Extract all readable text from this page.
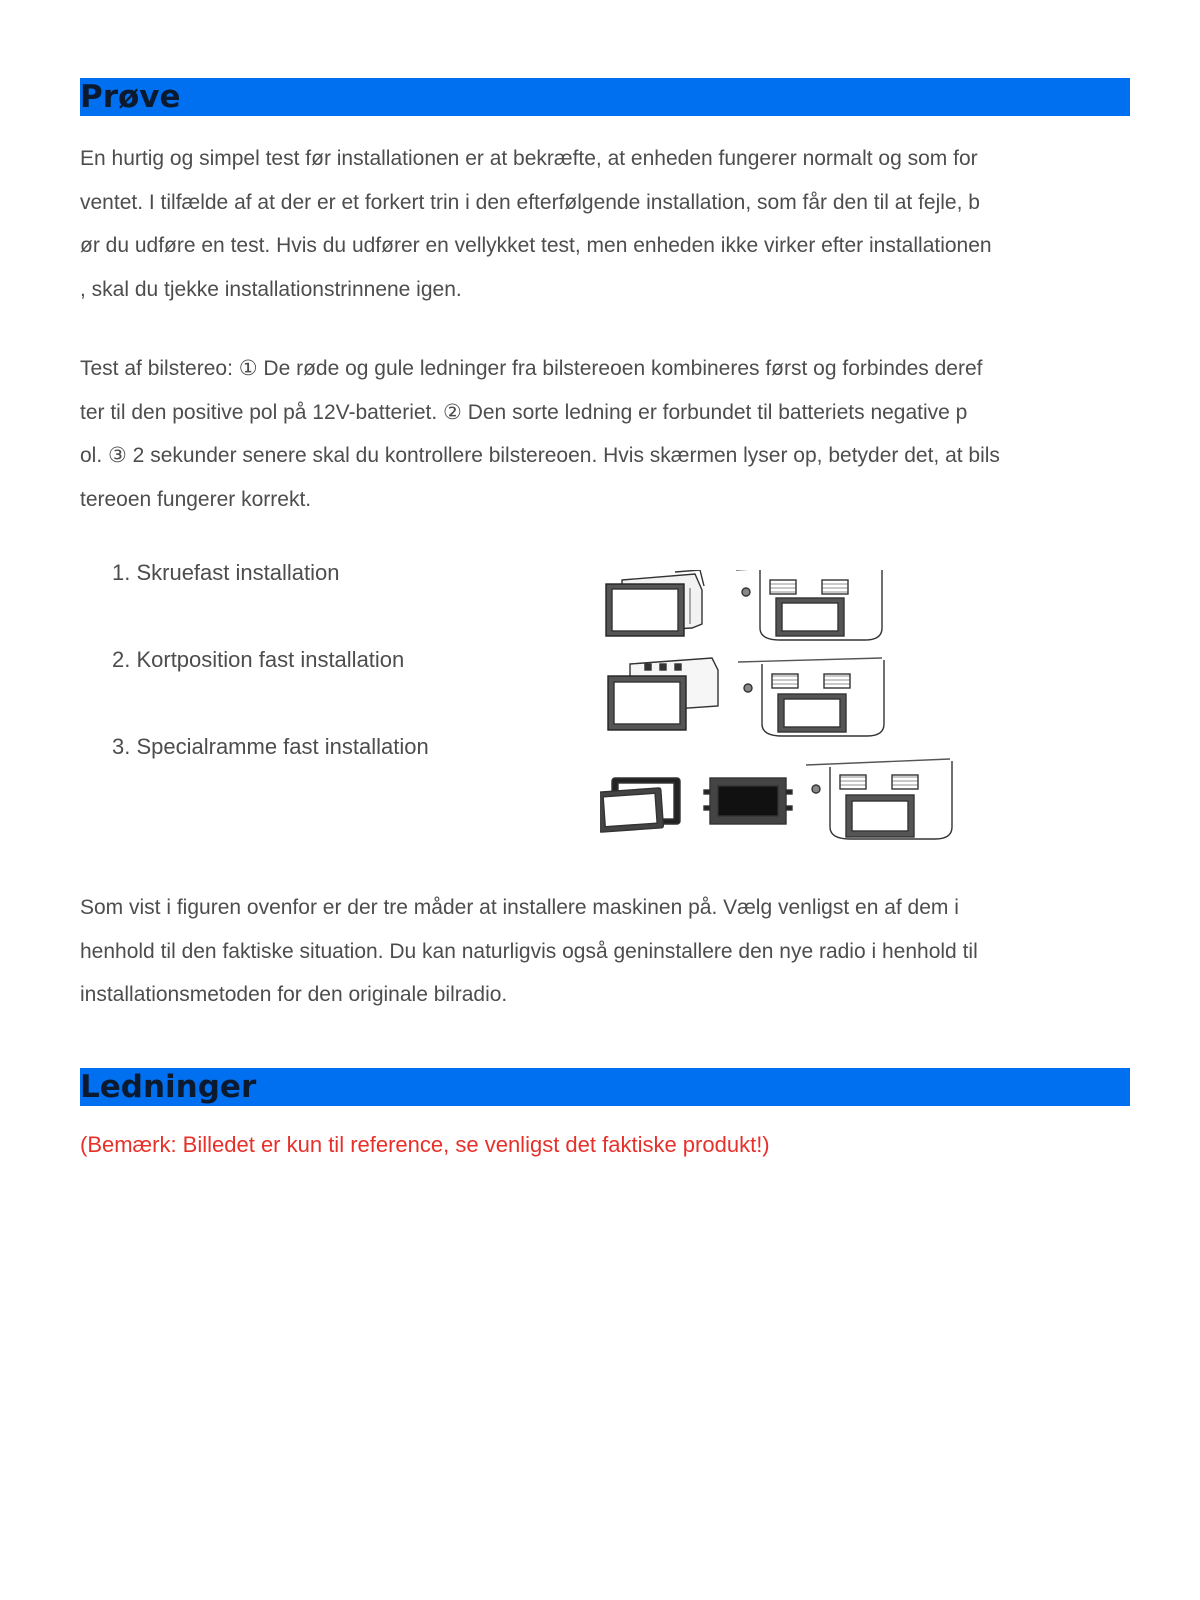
Prøve

En hurtig og simpel test før installationen er at bekræfte, at enheden fungerer normalt og som for
ventet. I tilfælde af at der er et forkert trin i den efterfølgende installation, som får den til at fejle, b
ør du udføre en test. Hvis du udfører en vellykket test, men enheden ikke virker efter installationen
, skal du tjekke installationstrinnene igen.

Test af bilstereo: ① De røde og gule ledninger fra bilstereoen kombineres først og forbindes deref
ter til den positive pol på 12V-batteriet. ② Den sorte ledning er forbundet til batteriets negative p
ol. ③ 2 sekunder senere skal du kontrollere bilstereoen. Hvis skærmen lyser op, betyder det, at bils
tereoen fungerer korrekt.

1. Skruefast installation
2. Kortposition fast installation
3. Specialramme fast installation

Som vist i figuren ovenfor er der tre måder at installere maskinen på. Vælg venligst en af dem i
henhold til den faktiske situation. Du kan naturligvis også geninstallere den nye radio i henhold til
installationsmetoden for den originale bilradio.

Ledninger

(Bemærk: Billedet er kun til reference, se venligst det faktiske produkt!)
